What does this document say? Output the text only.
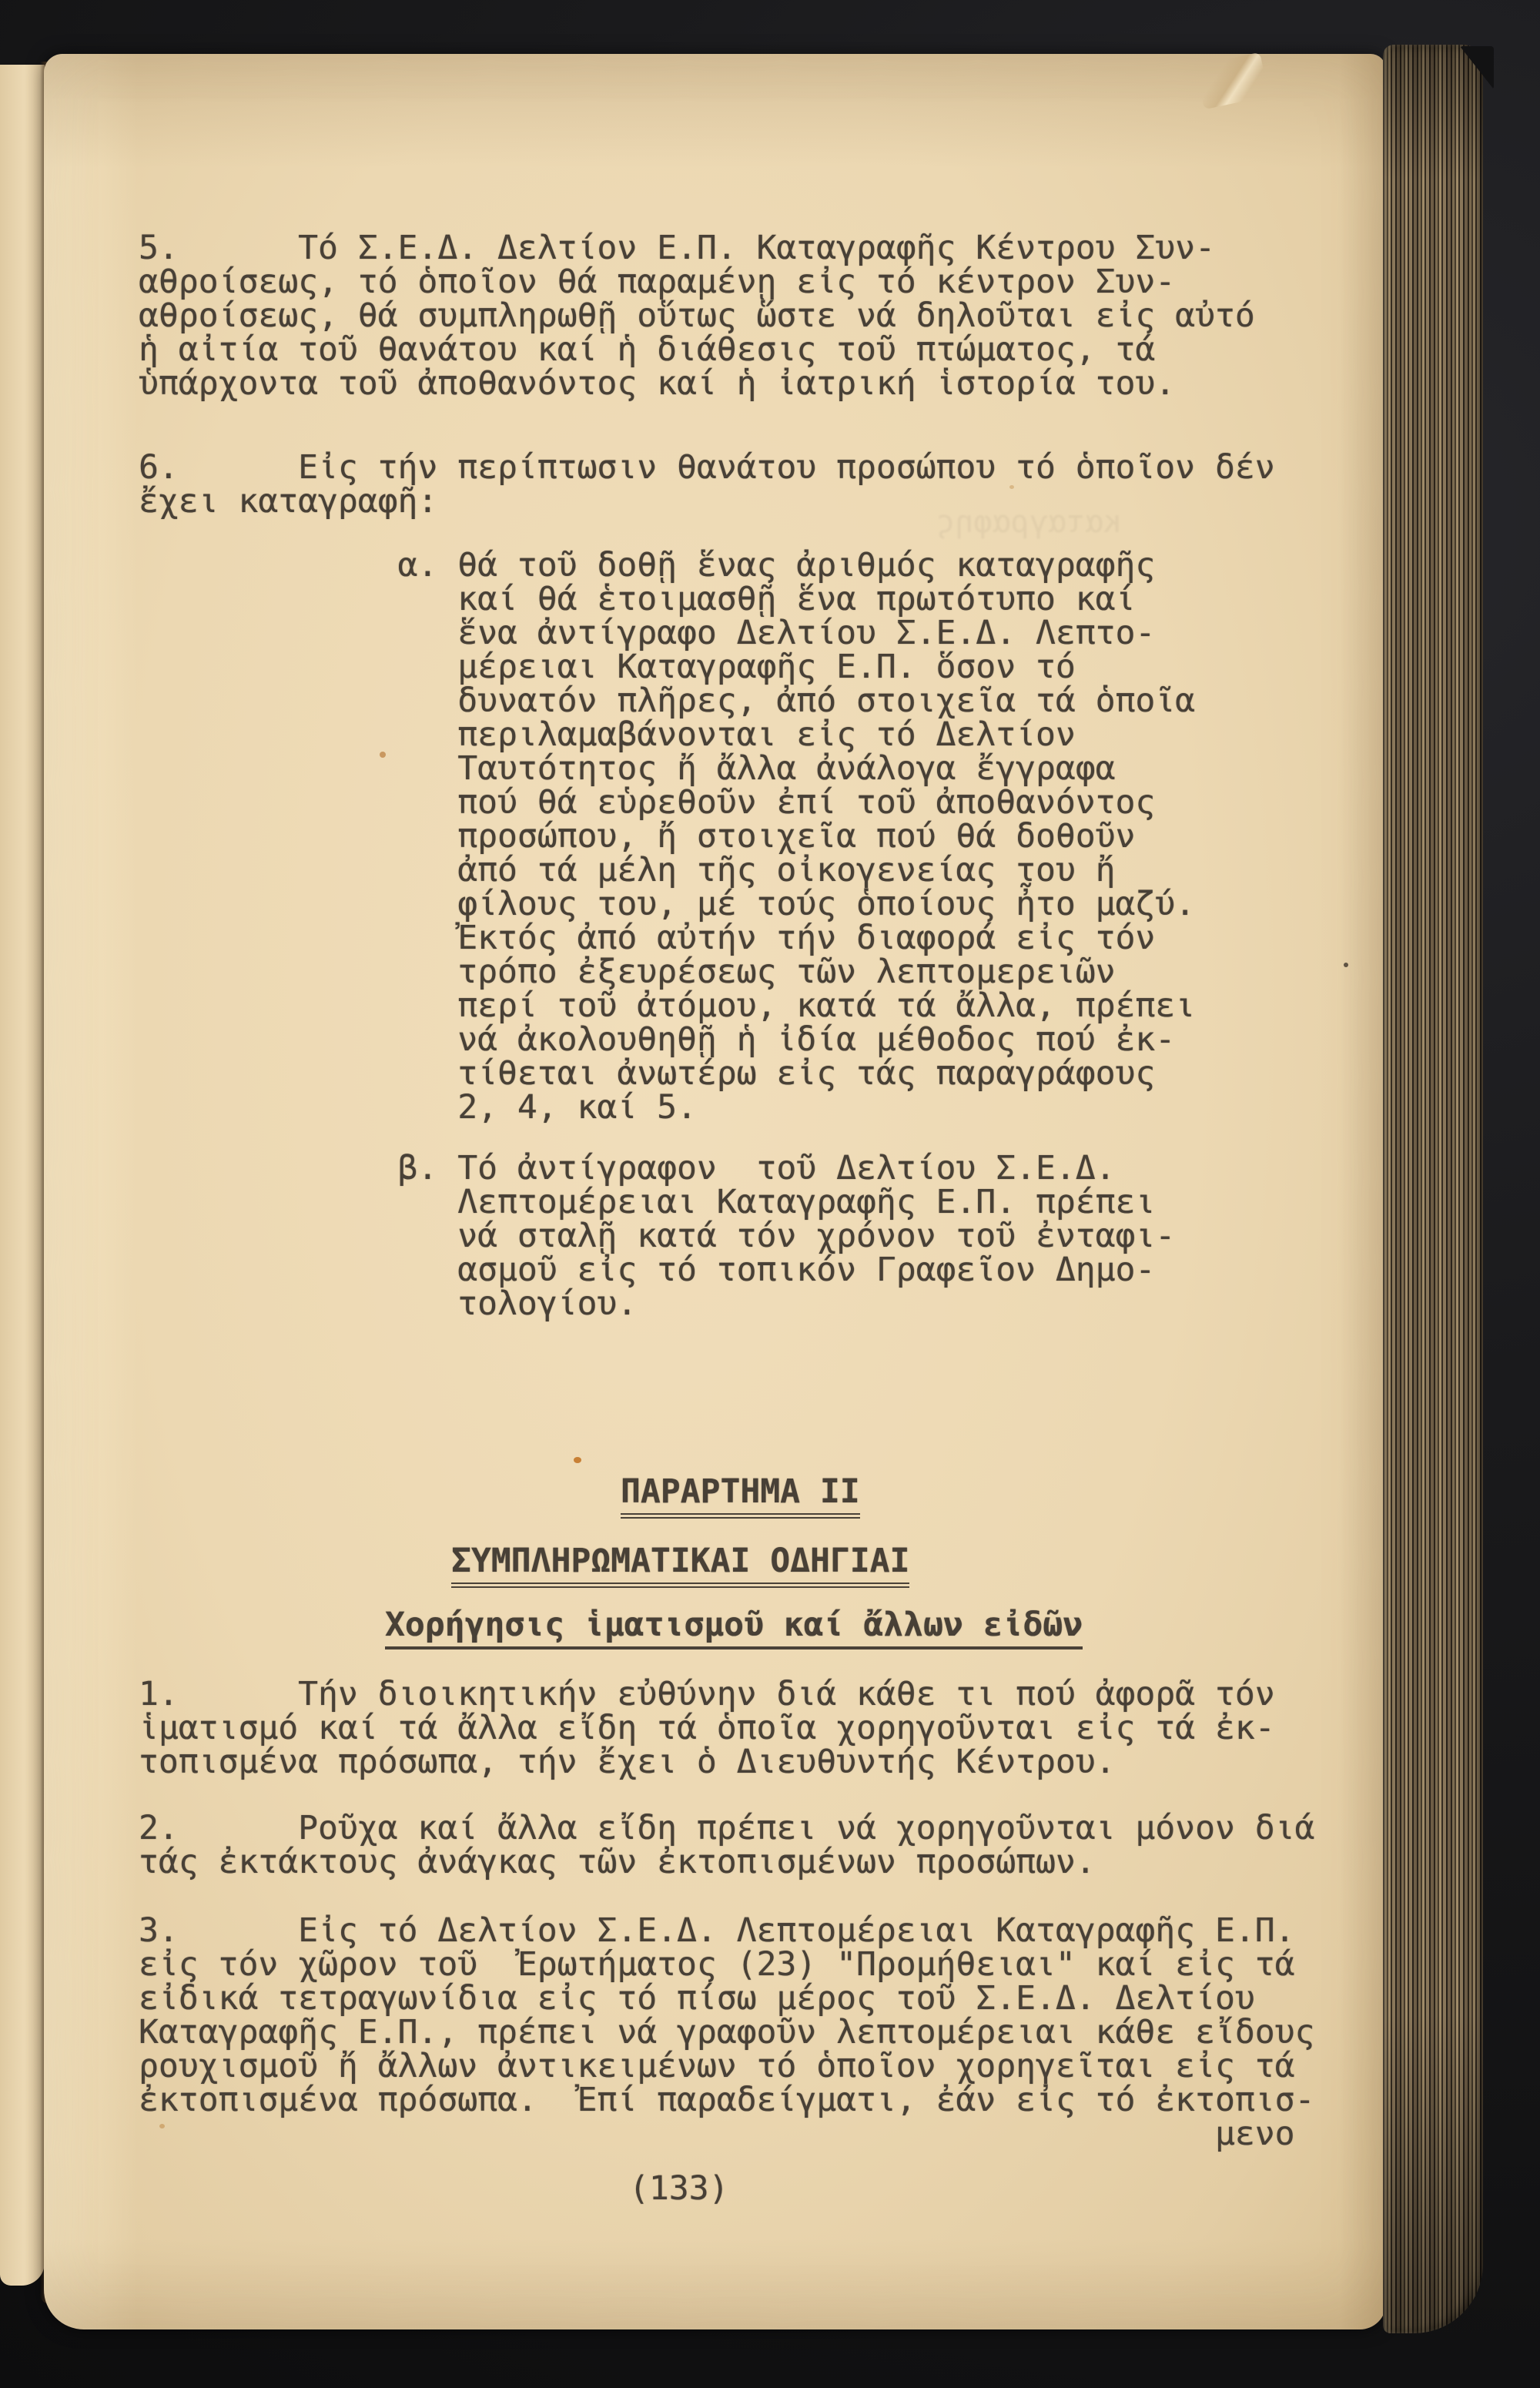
καταγραφης
5.      Τό Σ.Ε.Δ. Δελτίον Ε.Π. Καταγραφῆς Κέντρου Συν-
αθροίσεως, τό ὁποῖον θά παραμένῃ εἰς τό κέντρον Συν-
αθροίσεως, θά συμπληρωθῇ οὕτως ὥστε νά δηλοῦται εἰς αὐτό
ἡ αἰτία τοῦ θανάτου καί ἡ διάθεσις τοῦ πτώματος, τά
ὑπάρχοντα τοῦ ἀποθανόντος καί ἡ ἰατρική ἱστορία του.
6.      Εἰς τήν περίπτωσιν θανάτου προσώπου τό ὁποῖον δέν
ἔχει καταγραφῆ:
α. θά τοῦ δοθῇ ἕνας ἀριθμός καταγραφῆς
καί θά ἑτοιμασθῇ ἕνα πρωτότυπο καί
ἕνα ἀντίγραφο Δελτίου Σ.Ε.Δ. Λεπτο-
μέρειαι Καταγραφῆς Ε.Π. ὅσον τό
δυνατόν πλῆρες, ἀπό στοιχεῖα τά ὁποῖα
περιλαμαβάνονται εἰς τό Δελτίον
Ταυτότητος ἤ ἄλλα ἀνάλογα ἔγγραφα
πού θά εὑρεθοῦν ἐπί τοῦ ἀποθανόντος
προσώπου, ἤ στοιχεῖα πού θά δοθοῦν
ἀπό τά μέλη τῆς οἰκογενείας του ἤ
φίλους του, μέ τούς ὁποίους ἦτο μαζύ.
Ἐκτός ἀπό αὐτήν τήν διαφορά εἰς τόν
τρόπο ἐξευρέσεως τῶν λεπτομερειῶν
περί τοῦ ἀτόμου, κατά τά ἄλλα, πρέπει
νά ἀκολουθηθῇ ἡ ἰδία μέθοδος πού ἐκ-
τίθεται ἀνωτέρω εἰς τάς παραγράφους
2, 4, καί 5.
β. Τό ἀντίγραφον  τοῦ Δελτίου Σ.Ε.Δ.
Λεπτομέρειαι Καταγραφῆς Ε.Π. πρέπει
νά σταλῇ κατά τόν χρόνον τοῦ ἐνταφι-
ασμοῦ εἰς τό τοπικόν Γραφεῖον Δημο-
τολογίου.
ΠΑΡΑΡΤΗΜΑ II
ΣΥΜΠΛΗΡΩΜΑΤΙΚΑΙ ΟΔΗΓΙΑΙ
Χορήγησις ἱματισμοῦ καί ἄλλων εἰδῶν
1.      Τήν διοικητικήν εὐθύνην διά κάθε τι πού ἀφορᾶ τόν
ἱματισμό καί τά ἄλλα εἴδη τά ὁποῖα χορηγοῦνται εἰς τά ἐκ-
τοπισμένα πρόσωπα, τήν ἔχει ὁ Διευθυντής Κέντρου.
2.      Ροῦχα καί ἄλλα εἴδη πρέπει νά χορηγοῦνται μόνον διά
τάς ἐκτάκτους ἀνάγκας τῶν ἐκτοπισμένων προσώπων.
3.      Εἰς τό Δελτίον Σ.Ε.Δ. Λεπτομέρειαι Καταγραφῆς Ε.Π.
εἰς τόν χῶρον τοῦ  Ἐρωτήματος (23) "Προμήθειαι" καί εἰς τά
εἰδικά τετραγωνίδια εἰς τό πίσω μέρος τοῦ Σ.Ε.Δ. Δελτίου
Καταγραφῆς Ε.Π., πρέπει νά γραφοῦν λεπτομέρειαι κάθε εἴδους
ρουχισμοῦ ἤ ἄλλων ἀντικειμένων τό ὁποῖον χορηγεῖται εἰς τά
ἐκτοπισμένα πρόσωπα.  Ἐπί παραδείγματι, ἐάν εἰς τό ἐκτοπισ-
μενο
(133)
